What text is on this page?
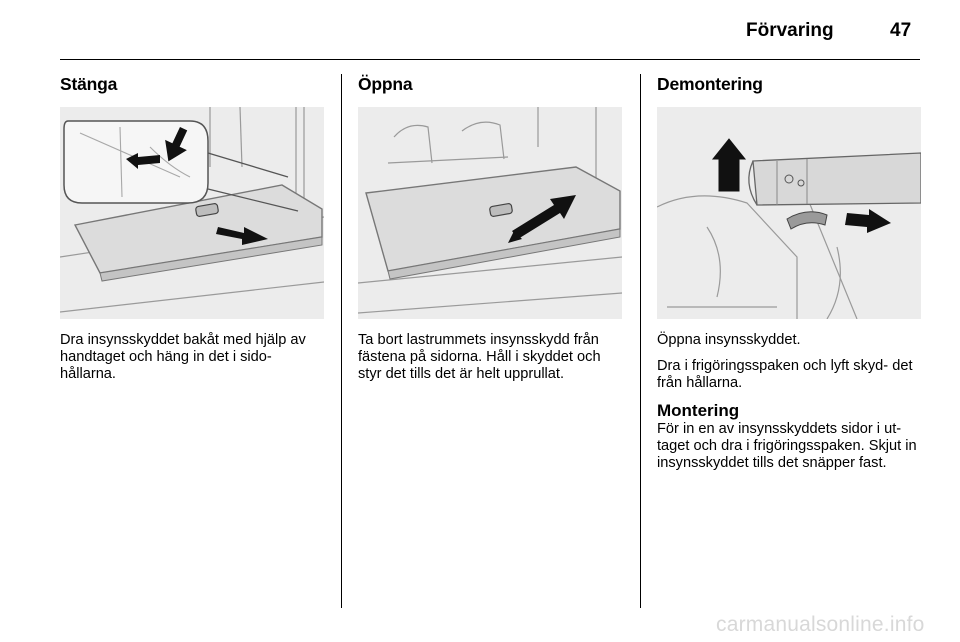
Förvaring	47
Stänga

Dra insynsskyddet bakåt med hjälp av handtaget och häng in det i sido- hållarna.

Öppna

Ta bort lastrummets insynsskydd från fästena på sidorna. Håll i skyddet och styr det tills det är helt upprullat.

Demontering

Öppna insynsskyddet.

Dra i frigöringsspaken och lyft skyd- det från hållarna.

Montering

För in en av insynsskyddets sidor i ut- taget och dra i frigöringsspaken. Skjut in insynsskyddet tills det snäpper fast.

carmanualsonline.info
